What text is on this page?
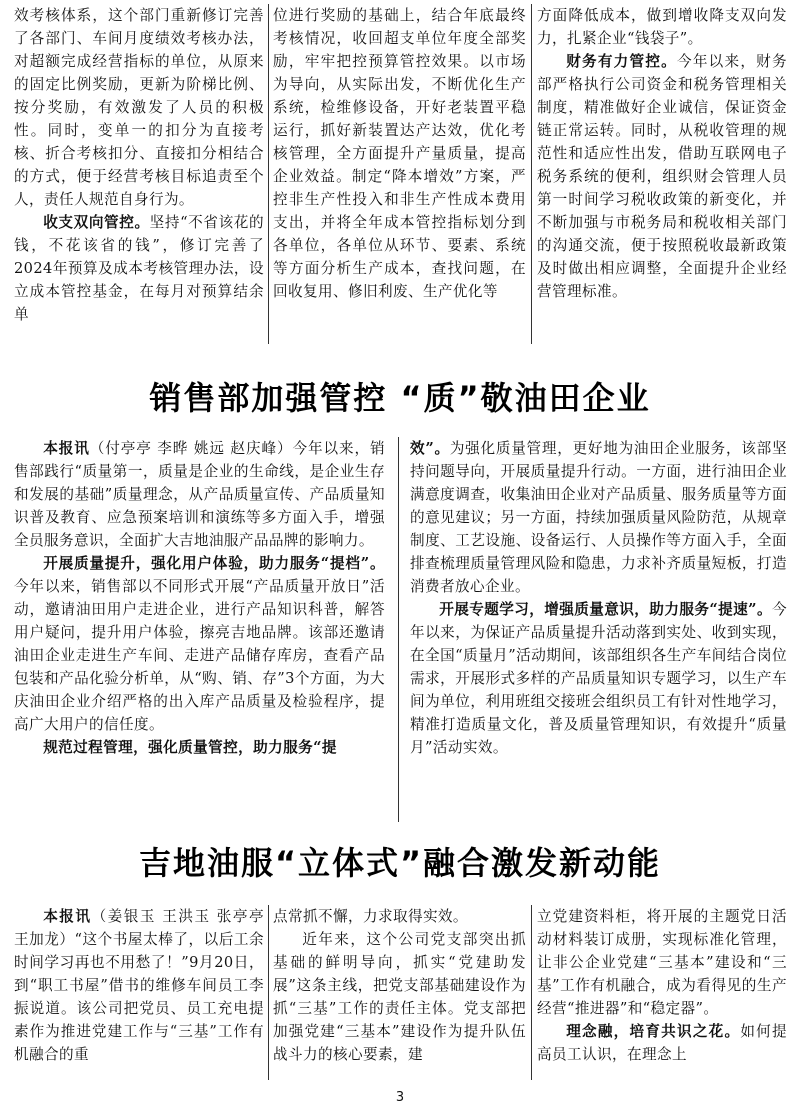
效考核体系，这个部门重新修订完善了各部门、车间月度绩效考核办法，对超额完成经营指标的单位，从原来的固定比例奖励，更新为阶梯比例、按分奖励，有效激发了人员的积极性。同时，变单一的扣分为直接考核、折合考核扣分、直接扣分相结合的方式，便于经营考核目标追责至个人，责任人规范自身行为。

收支双向管控。坚持“不省该花的钱，不花该省的钱”，修订完善了2024年预算及成本考核管理办法，设立成本管控基金，在每月对预算结余单

位进行奖励的基础上，结合年底最终考核情况，收回超支单位年度全部奖励，牢牢把控预算管控效果。以市场为导向，从实际出发，不断优化生产系统，检维修设备，开好老装置平稳运行，抓好新装置达产达效，优化考核管理，全方面提升产量质量，提高企业效益。制定“降本增效”方案，严控非生产性投入和非生产性成本费用支出，并将全年成本管控指标划分到各单位，各单位从环节、要素、系统等方面分析生产成本，查找问题，在回收复用、修旧利废、生产优化等

方面降低成本，做到增收降支双向发力，扎紧企业“钱袋子”。

财务有力管控。今年以来，财务部严格执行公司资金和税务管理相关制度，精准做好企业诚信，保证资金链正常运转。同时，从税收管理的规范性和适应性出发，借助互联网电子税务系统的便利，组织财会管理人员第一时间学习税收政策的新变化，并不断加强与市税务局和税收相关部门的沟通交流，便于按照税收最新政策及时做出相应调整，全面提升企业经营管理标准。

销售部加强管控 “质”敬油田企业

本报讯（付亭亭 李晔 姚远 赵庆峰）今年以来，销售部践行“质量第一，质量是企业的生命线，是企业生存和发展的基础”质量理念，从产品质量宣传、产品质量知识普及教育、应急预案培训和演练等多方面入手，增强全员服务意识，全面扩大吉地油服产品品牌的影响力。

开展质量提升，强化用户体验，助力服务“提档”。今年以来，销售部以不同形式开展“产品质量开放日”活动，邀请油田用户走进企业，进行产品知识科普，解答用户疑问，提升用户体验，擦亮吉地品牌。该部还邀请油田企业走进生产车间、走进产品储存库房，查看产品包装和产品化验分析单，从“购、销、存”3个方面，为大庆油田企业介绍严格的出入库产品质量及检验程序，提高广大用户的信任度。

规范过程管理，强化质量管控，助力服务“提

效”。为强化质量管理，更好地为油田企业服务，该部坚持问题导向，开展质量提升行动。一方面，进行油田企业满意度调查，收集油田企业对产品质量、服务质量等方面的意见建议；另一方面，持续加强质量风险防范，从规章制度、工艺设施、设备运行、人员操作等方面入手，全面排查梳理质量管理风险和隐患，力求补齐质量短板，打造消费者放心企业。

开展专题学习，增强质量意识，助力服务“提速”。今年以来，为保证产品质量提升活动落到实处、收到实现，在全国“质量月”活动期间，该部组织各生产车间结合岗位需求，开展形式多样的产品质量知识专题学习，以生产车间为单位，利用班组交接班会组织员工有针对性地学习，精准打造质量文化，普及质量管理知识，有效提升“质量月”活动实效。

吉地油服“立体式”融合激发新动能

本报讯（姜银玉 王洪玉 张亭亭 王加龙）“这个书屋太棒了，以后工余时间学习再也不用愁了！”9月20日，到“职工书屋”借书的维修车间员工李振说道。该公司把党员、员工充电提素作为推进党建工作与“三基”工作有机融合的重

点常抓不懈，力求取得实效。

近年来，这个公司党支部突出抓基础的鲜明导向，抓实“党建助发展”这条主线，把党支部基础建设作为抓“三基”工作的责任主体。党支部把加强党建“三基本”建设作为提升队伍战斗力的核心要素，建

立党建资料柜，将开展的主题党日活动材料装订成册，实现标准化管理，让非公企业党建“三基本”建设和“三基”工作有机融合，成为看得见的生产经营“推进器”和“稳定器”。

理念融，培育共识之花。如何提高员工认识，在理念上

3
